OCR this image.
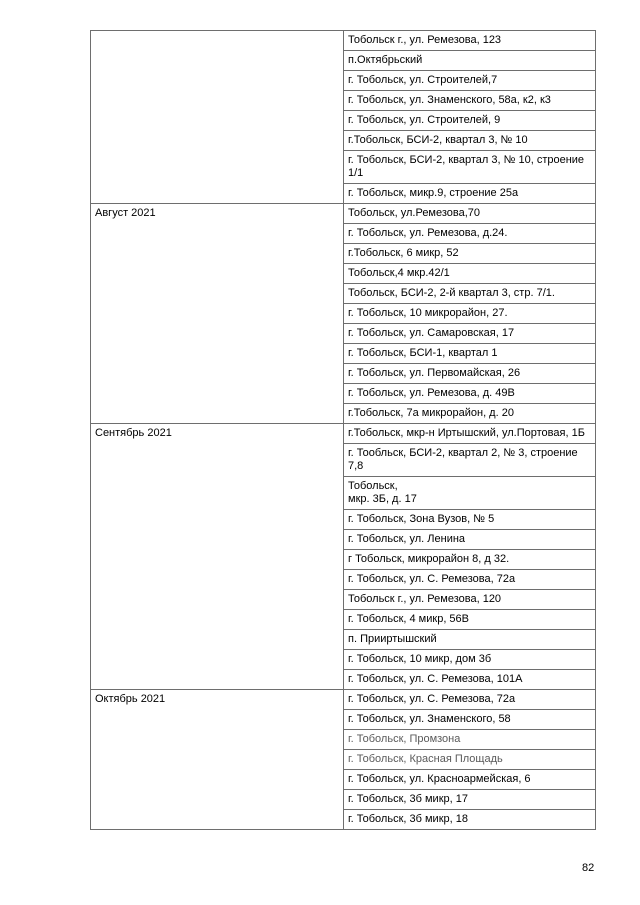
	Тобольск г., ул. Ремезова, 123
	п.Октябрьский
	г. Тобольск, ул. Строителей,7
	г. Тобольск, ул. Знаменского, 58а, к2, к3
	г. Тобольск, ул. Строителей, 9
	г.Тобольск, БСИ-2, квартал 3, № 10
	г. Тобольск, БСИ-2, квартал 3, № 10, строение 1/1
	г. Тобольск, микр.9, строение 25а
Август 2021	Тобольск, ул.Ремезова,70
	г. Тобольск, ул. Ремезова, д.24.
	г.Тобольск, 6 микр, 52
	Тобольск,4 мкр.42/1
	Тобольск, БСИ-2, 2-й квартал 3, стр. 7/1.
	г. Тобольск, 10 микрорайон, 27.
	г. Тобольск, ул. Самаровская, 17
	г. Тобольск, БСИ-1, квартал 1
	г. Тобольск, ул. Первомайская, 26
	г. Тобольск, ул. Ремезова, д. 49В
	г.Тобольск, 7а микрорайон, д. 20
Сентябрь 2021	г.Тобольск, мкр-н Иртышский, ул.Портовая, 1Б
	г. Тообльск, БСИ-2, квартал 2, № 3, строение 7,8
	Тобольск,
мкр. 3Б, д. 17
	г. Тобольск, Зона Вузов, № 5
	г. Тобольск, ул. Ленина
	г Тобольск, микрорайон 8, д 32.
	г. Тобольск, ул. С. Ремезова, 72а
	Тобольск г., ул. Ремезова, 120
	г. Тобольск, 4 микр, 56В
	п. Прииртышский
	г. Тобольск, 10 микр, дом 3б
	г. Тобольск, ул. С. Ремезова, 101А
Октябрь 2021	г. Тобольск, ул. С. Ремезова, 72а
	г. Тобольск, ул. Знаменского, 58
	г. Тобольск, Промзона
	г. Тобольск, Красная Площадь
	г. Тобольск, ул. Красноармейская, 6
	г. Тобольск, 3б микр, 17
	г. Тобольск, 3б микр, 18
82
